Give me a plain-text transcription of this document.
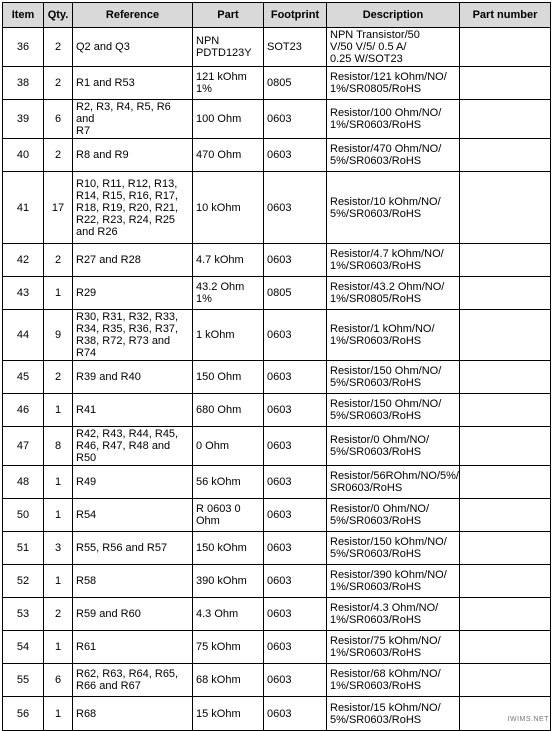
Item	Qty.	Reference	Part	Footprint	Description	Part number
36	2	Q2 and Q3	NPN
PDTD123Y	SOT23	NPN Transistor/50
V/50 V/5/ 0.5 A/
0.25 W/SOT23	
38	2	R1 and R53	121 kOhm
1%	0805	Resistor/121 kOhm/NO/
1%/SR0805/RoHS	
39	6	R2, R3, R4, R5, R6 and
R7	100 Ohm	0603	Resistor/100 Ohm/NO/
1%/SR0603/RoHS	
40	2	R8 and R9	470 Ohm	0603	Resistor/470 Ohm/NO/
5%/SR0603/RoHS	
41	17	R10, R11, R12, R13,
R14, R15, R16, R17,
R18, R19, R20, R21,
R22, R23, R24, R25
and R26	10 kOhm	0603	Resistor/10 kOhm/NO/
5%/SR0603/RoHS	
42	2	R27 and R28	4.7 kOhm	0603	Resistor/4.7 kOhm/NO/
1%/SR0603/RoHS	
43	1	R29	43.2 Ohm
1%	0805	Resistor/43.2 Ohm/NO/
1%/SR0805/RoHS	
44	9	R30, R31, R32, R33,
R34, R35, R36, R37,
R38, R72, R73 and R74	1 kOhm	0603	Resistor/1 kOhm/NO/
1%/SR0603/RoHS	
45	2	R39 and R40	150 Ohm	0603	Resistor/150 Ohm/NO/
5%/SR0603/RoHS	
46	1	R41	680 Ohm	0603	Resistor/150 Ohm/NO/
5%/SR0603/RoHS	
47	8	R42, R43, R44, R45,
R46, R47, R48 and R50	0 Ohm	0603	Resistor/0 Ohm/NO/
5%/SR0603/RoHS	
48	1	R49	56 kOhm	0603	Resistor/56ROhm/NO/5%/
SR0603/RoHS	
50	1	R54	R 0603 0
Ohm	0603	Resistor/0 Ohm/NO/
5%/SR0603/RoHS	
51	3	R55, R56 and R57	150 kOhm	0603	Resistor/150 kOhm/NO/
5%/SR0603/RoHS	
52	1	R58	390 kOhm	0603	Resistor/390 kOhm/NO/
1%/SR0603/RoHS	
53	2	R59 and R60	4.3 Ohm	0603	Resistor/4.3 Ohm/NO/
1%/SR0603/RoHS	
54	1	R61	75 kOhm	0603	Resistor/75 kOhm/NO/
1%/SR0603/RoHS	
55	6	R62, R63, R64, R65,
R66 and R67	68 kOhm	0603	Resistor/68 kOhm/NO/
1%/SR0603/RoHS	
56	1	R68	15 kOhm	0603	Resistor/15 kOhm/NO/
5%/SR0603/RoHS		IWIMS.NET
